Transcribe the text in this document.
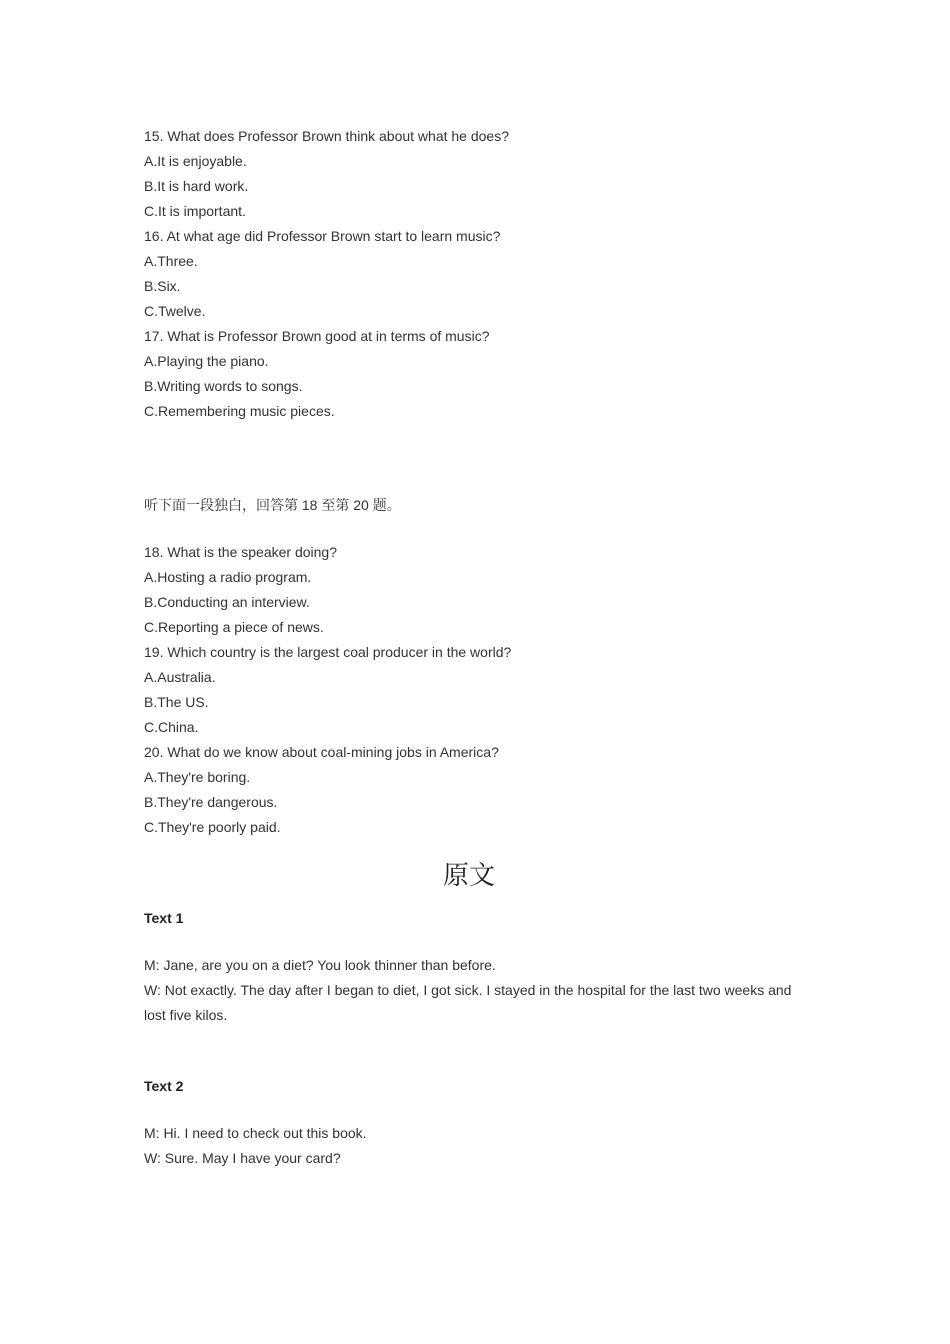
15. What does Professor Brown think about what he does?
A.It is enjoyable.
B.It is hard work.
C.It is important.
16. At what age did Professor Brown start to learn music?
A.Three.
B.Six.
C.Twelve.
17. What is Professor Brown good at in terms of music?
A.Playing the piano.
B.Writing words to songs.
C.Remembering music pieces.
听下面一段独白，回答第 18 至第 20 题。
18. What is the speaker doing?
A.Hosting a radio program.
B.Conducting an interview.
C.Reporting a piece of news.
19. Which country is the largest coal producer in the world?
A.Australia.
B.The US.
C.China.
20. What do we know about coal-mining jobs in America?
A.They're boring.
B.They're dangerous.
C.They're poorly paid.
原文
Text 1
M: Jane, are you on a diet? You look thinner than before.
W: Not exactly. The day after I began to diet, I got sick. I stayed in the hospital for the last two weeks and lost five kilos.
Text 2
M: Hi. I need to check out this book.
W: Sure. May I have your card?
